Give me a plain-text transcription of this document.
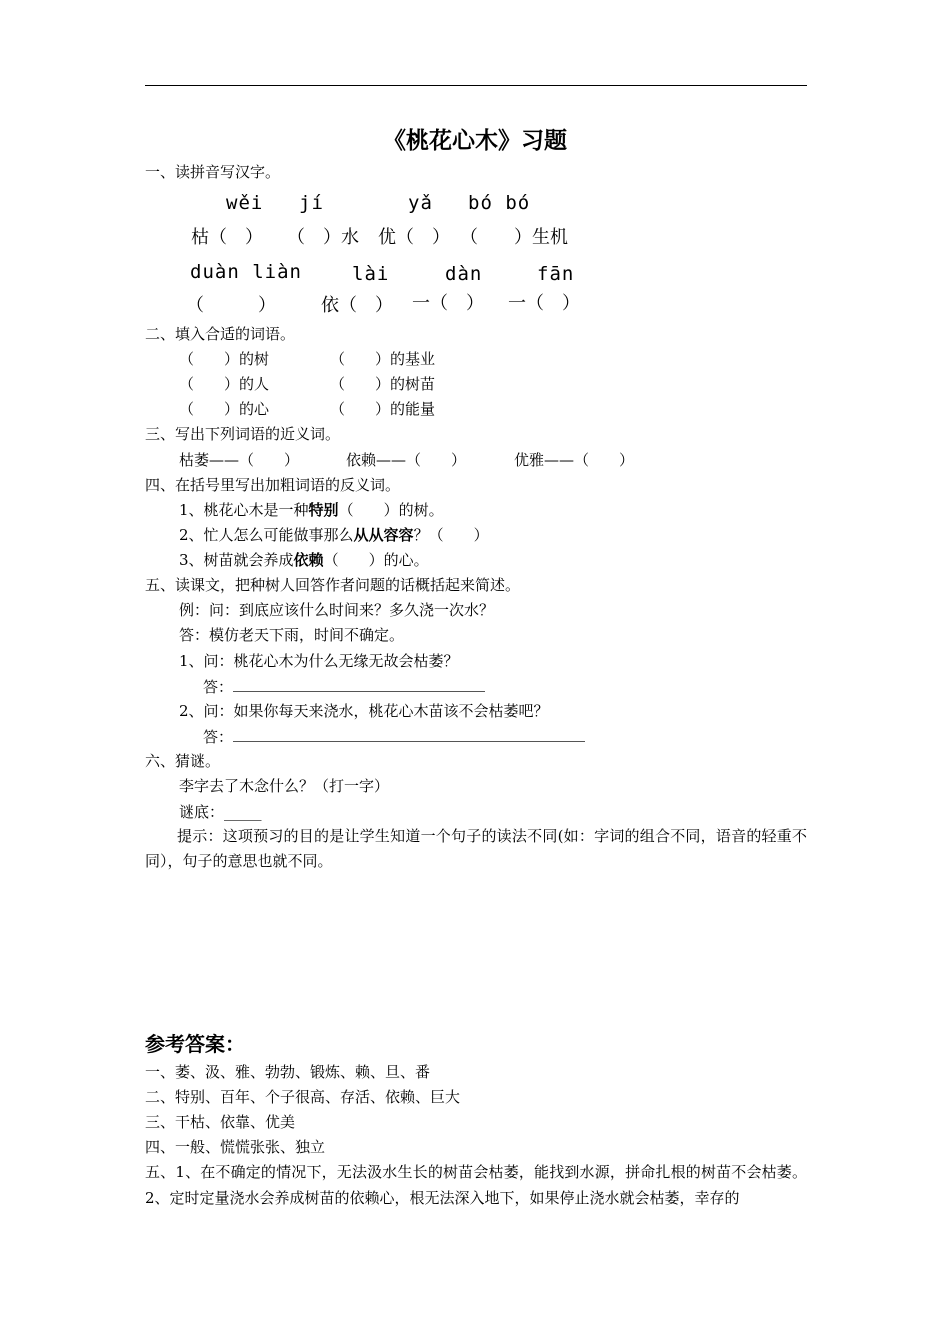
《桃花心木》习题
一、读拼音写汉字。
wěi jí	yǎ bó bó
枯（　） （　）水 优（　） （　　）生机
duàn liàn	lài	dàn	fān
（　　　）	依（　） 一（　） 一（　）
二、填入合适的词语。
（　　）的树	（　　）的基业
（　　）的人	（　　）的树苗
（　　）的心	（　　）的能量
三、写出下列词语的近义词。
枯萎——（　　）	依赖——（　　）	优雅——（　　）
四、在括号里写出加粗词语的反义词。
1、桃花心木是一种特别（　　）的树。
2、忙人怎么可能做事那么从从容容？（　　）
3、树苗就会养成依赖（　　）的心。
五、读课文，把种树人回答作者问题的话概括起来简述。
例：问：到底应该什么时间来？多久浇一次水？
答：模仿老天下雨，时间不确定。
1、问：桃花心木为什么无缘无故会枯萎？
答：
2、问：如果你每天来浇水，桃花心木苗该不会枯萎吧？
答：
六、猜谜。
李字去了木念什么？（打一字）
谜底：_____
提示：这项预习的目的是让学生知道一个句子的读法不同(如：字词的组合不同，语音的轻重不同），句子的意思也就不同。
参考答案：
一、萎、汲、雅、勃勃、锻炼、赖、旦、番
二、特别、百年、个子很高、存活、依赖、巨大
三、干枯、依靠、优美
四、一般、慌慌张张、独立
五、1、在不确定的情况下，无法汲水生长的树苗会枯萎，能找到水源，拼命扎根的树苗不会枯萎。2、定时定量浇水会养成树苗的依赖心，根无法深入地下，如果停止浇水就会枯萎，幸存的
